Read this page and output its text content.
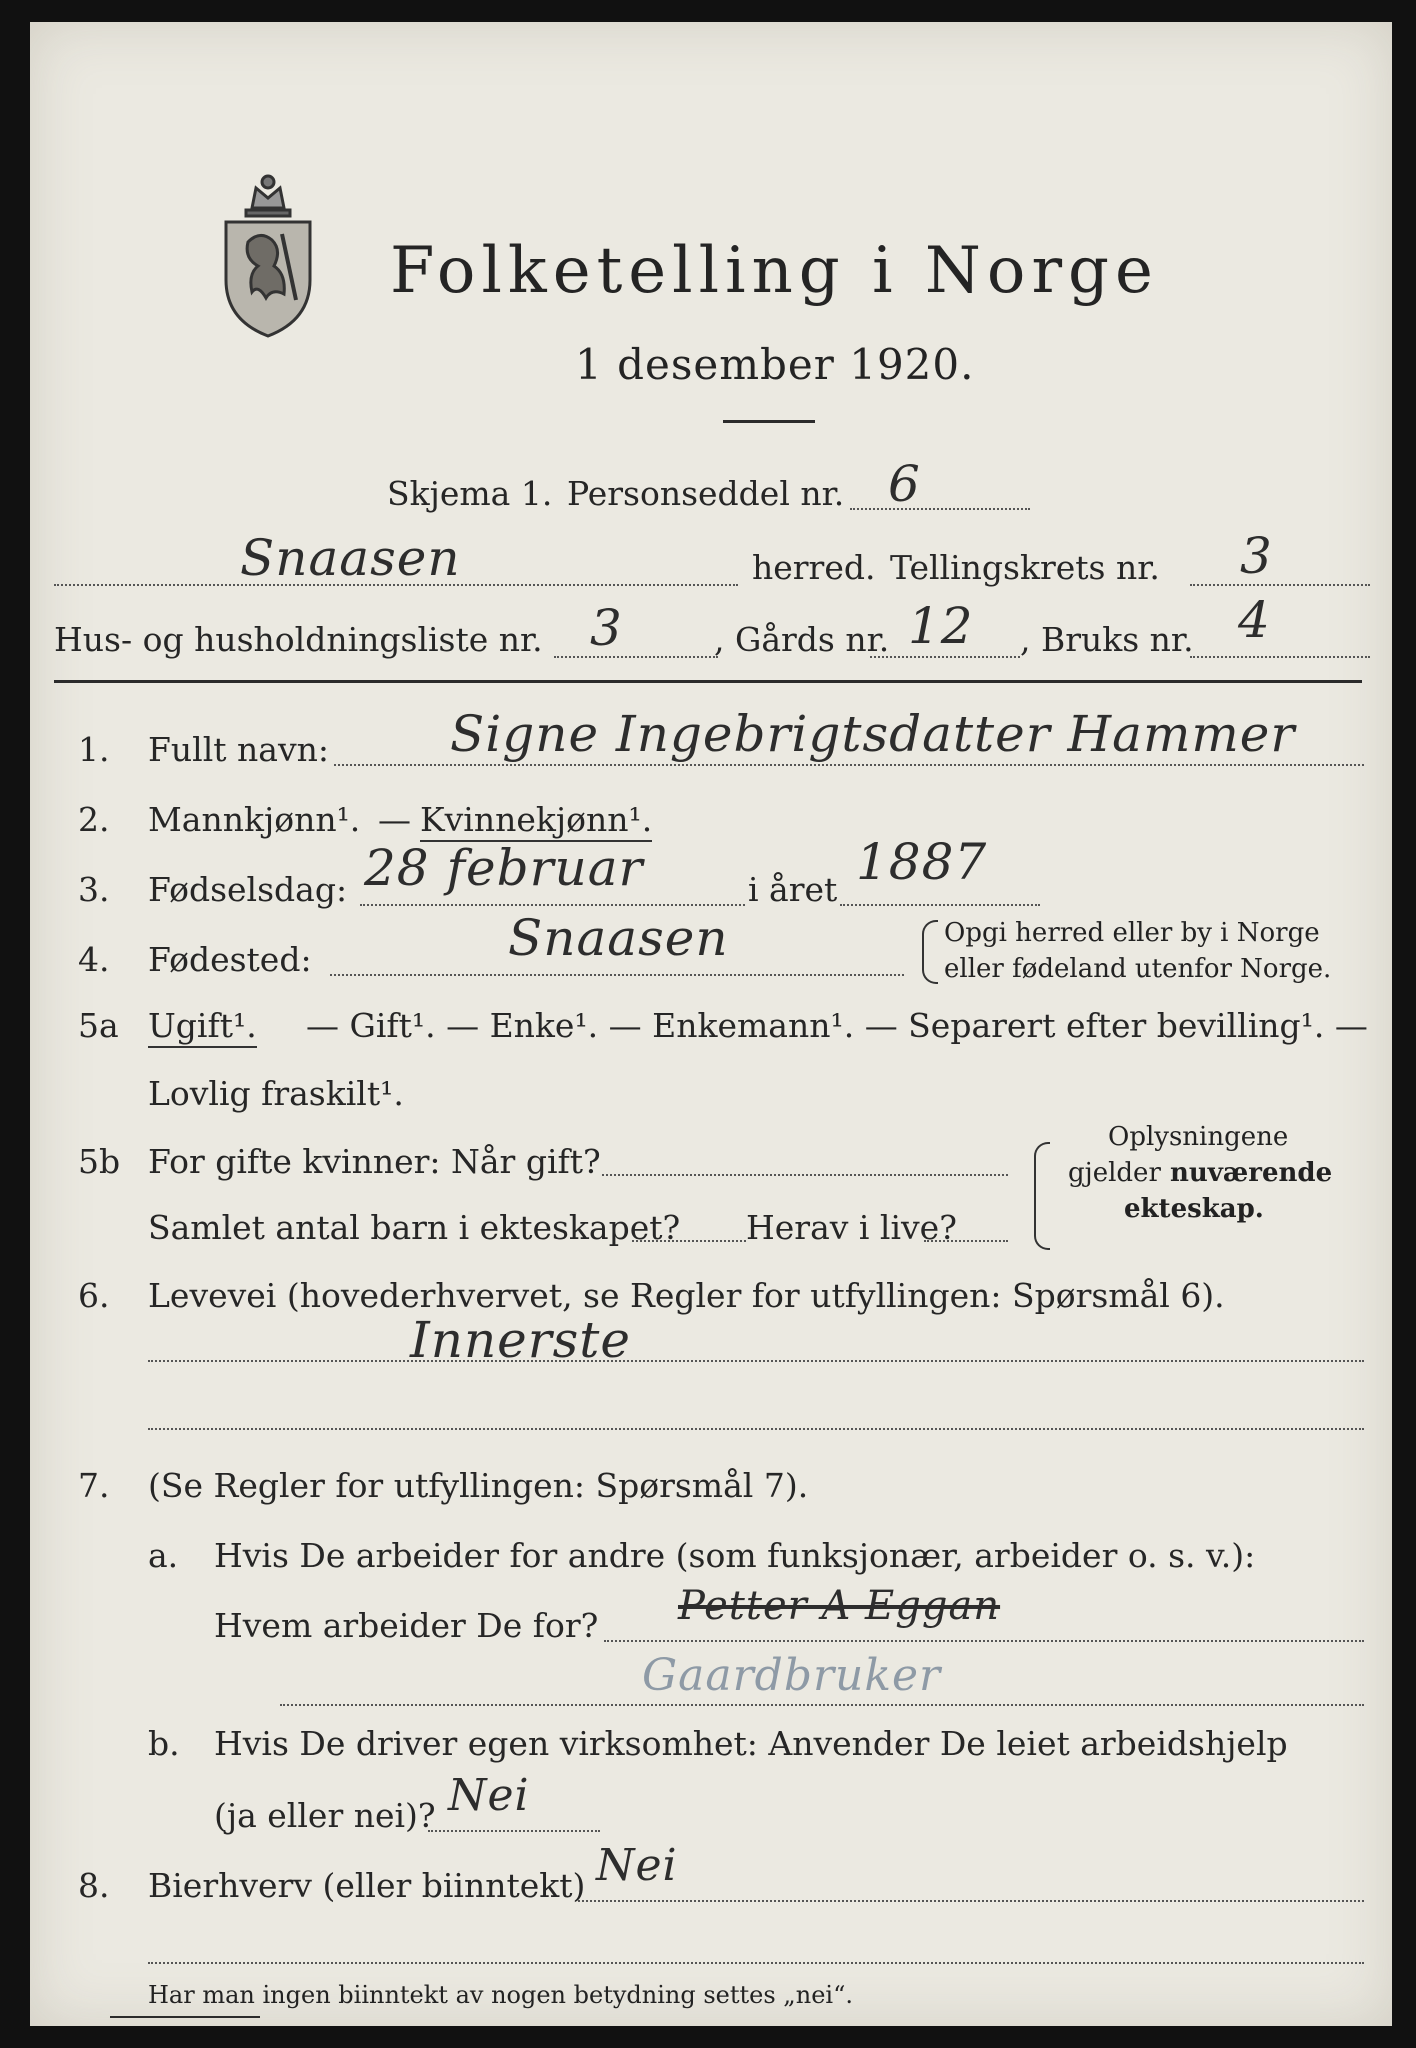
Folketelling i Norge
1 desember 1920.
Skjema 1. Personseddel nr. 6
Snaasen	herred. Tellingskrets nr. 3
Hus- og husholdningsliste nr. 3	, Gårds nr. 12 , Bruks nr. 4
1. Fullt navn: Signe Ingebrigtsdatter Hammer
2. Mannkjønn¹. — Kvinnekjønn¹.
3. Fødselsdag: 28 februar	i året 1887
4. Fødested:	Snaasen	Opgi herred eller by i Norge
eller fødeland utenfor Norge.
5a Ugift¹. — Gift¹. — Enke¹. — Enkemann¹. — Separert efter bevilling¹. —
Lovlig fraskilt¹.
5b For gifte kvinner: Når gift?
Samlet antal barn i ekteskapet? Herav i live?
Oplysningene
gjelder nuværende
ekteskap.
6. Levevei (hovederhvervet, se Regler for utfyllingen: Spørsmål 6).
Innerste
7. (Se Regler for utfyllingen: Spørsmål 7).
a. Hvis De arbeider for andre (som funksjonær, arbeider o. s. v.):
Hvem arbeider De for? Petter A Eggan
Gaardbruker
b. Hvis De driver egen virksomhet: Anvender De leiet arbeidshjelp
(ja eller nei)? Nei
8. Bierhverv (eller biinntekt) Nei
Har man ingen biinntekt av nogen betydning settes „nei“.
